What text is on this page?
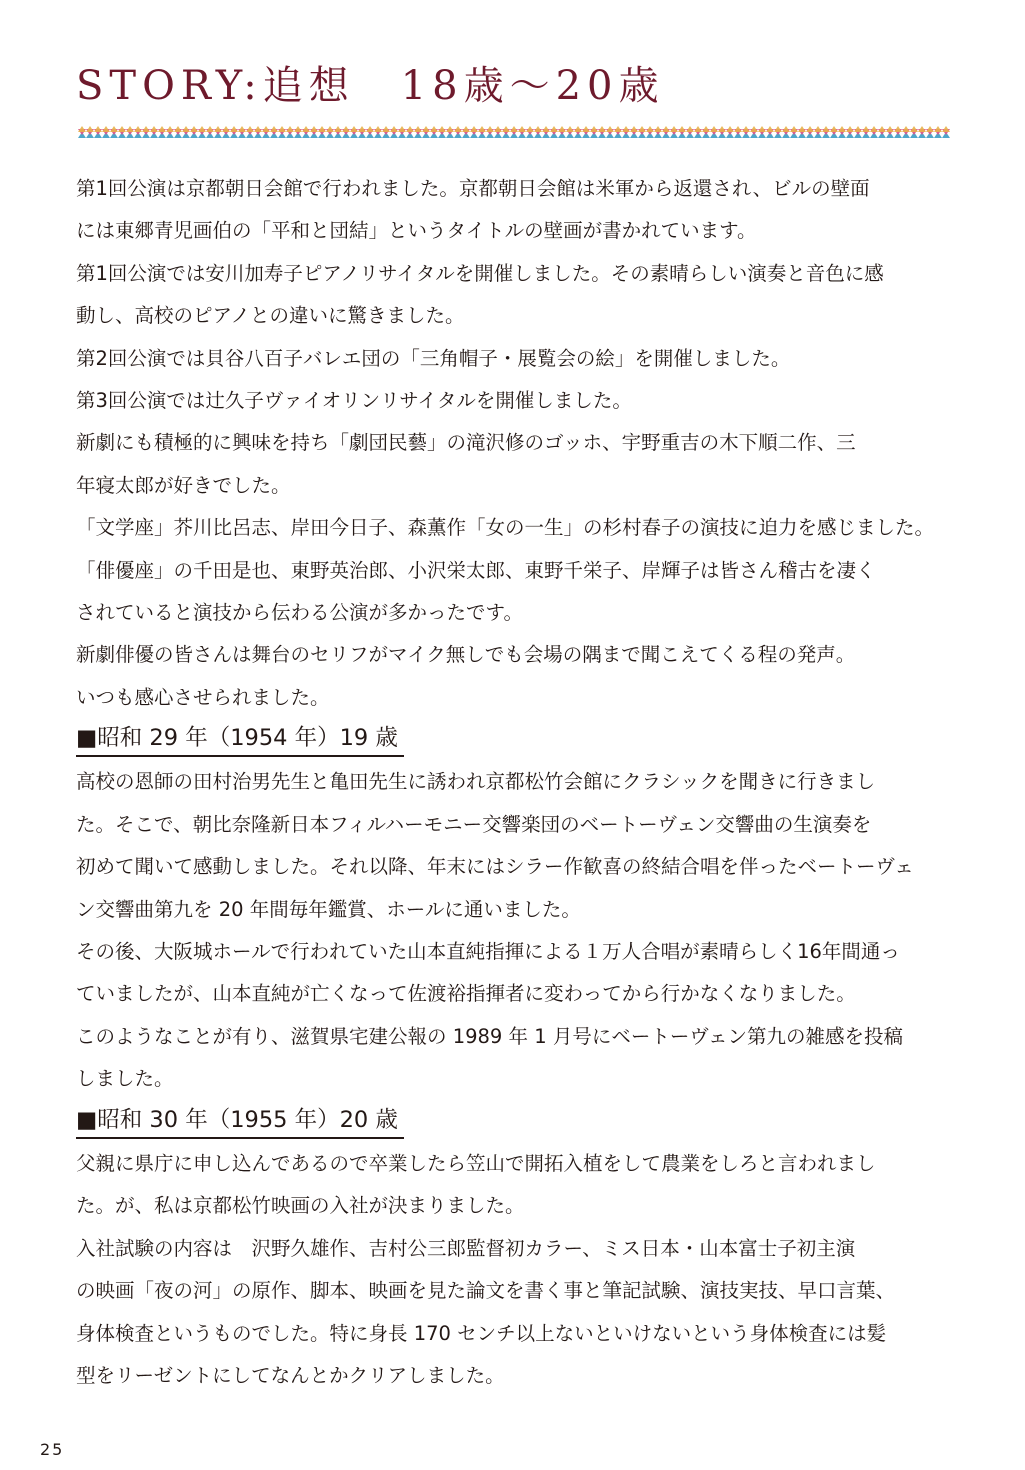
STORY:追想　18歳～20歳
第1回公演は京都朝日会館で行われました。京都朝日会館は米軍から返還され、ビルの壁面
には東郷青児画伯の「平和と団結」というタイトルの壁画が書かれています。
第1回公演では安川加寿子ピアノリサイタルを開催しました。その素晴らしい演奏と音色に感
動し、高校のピアノとの違いに驚きました。
第2回公演では貝谷八百子バレエ団の「三角帽子・展覧会の絵」を開催しました。
第3回公演では辻久子ヴァイオリンリサイタルを開催しました。
新劇にも積極的に興味を持ち「劇団民藝」の滝沢修のゴッホ、宇野重吉の木下順二作、三
年寝太郎が好きでした。
「文学座」芥川比呂志、岸田今日子、森薫作「女の一生」の杉村春子の演技に迫力を感じました。
「俳優座」の千田是也、東野英治郎、小沢栄太郎、東野千栄子、岸輝子は皆さん稽古を凄く
されていると演技から伝わる公演が多かったです。
新劇俳優の皆さんは舞台のセリフがマイク無しでも会場の隅まで聞こえてくる程の発声。
いつも感心させられました。
■昭和 29 年（1954 年）19 歳
高校の恩師の田村治男先生と亀田先生に誘われ京都松竹会館にクラシックを聞きに行きまし
た。そこで、朝比奈隆新日本フィルハーモニー交響楽団のベートーヴェン交響曲の生演奏を
初めて聞いて感動しました。それ以降、年末にはシラー作歓喜の終結合唱を伴ったベートーヴェ
ン交響曲第九を 20 年間毎年鑑賞、ホールに通いました。
その後、大阪城ホールで行われていた山本直純指揮による１万人合唱が素晴らしく16年間通っ
ていましたが、山本直純が亡くなって佐渡裕指揮者に変わってから行かなくなりました。
このようなことが有り、滋賀県宅建公報の 1989 年 1 月号にベートーヴェン第九の雑感を投稿
しました。
■昭和 30 年（1955 年）20 歳
父親に県庁に申し込んであるので卒業したら笠山で開拓入植をして農業をしろと言われまし
た。が、私は京都松竹映画の入社が決まりました。
入社試験の内容は　沢野久雄作、吉村公三郎監督初カラー、ミス日本・山本富士子初主演
の映画「夜の河」の原作、脚本、映画を見た論文を書く事と筆記試験、演技実技、早口言葉、
身体検査というものでした。特に身長 170 センチ以上ないといけないという身体検査には髪
型をリーゼントにしてなんとかクリアしました。
25
